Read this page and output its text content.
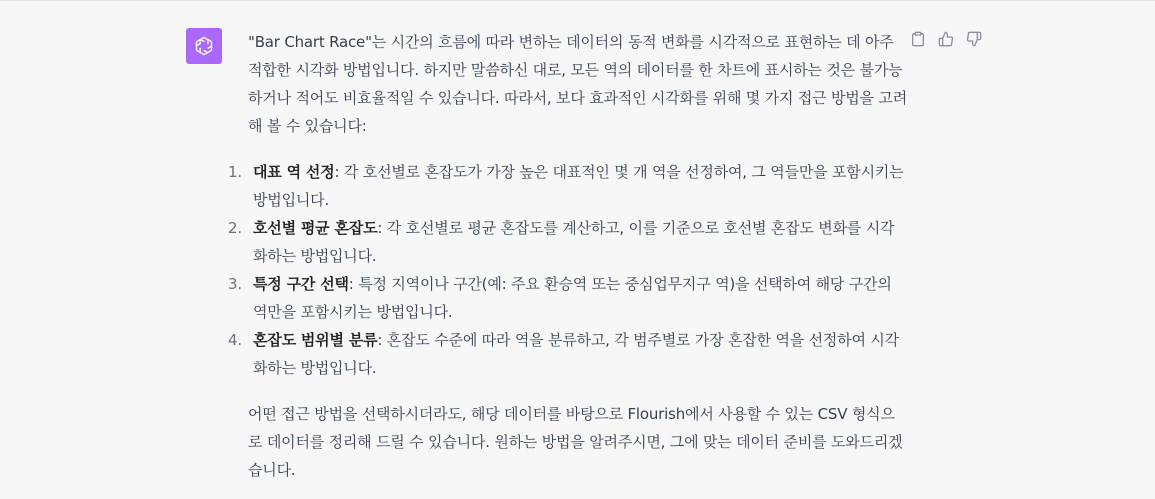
"Bar Chart Race"는 시간의 흐름에 따라 변하는 데이터의 동적 변화를 시각적으로 표현하는 데 아주 적합한 시각화 방법입니다. 하지만 말씀하신 대로, 모든 역의 데이터를 한 차트에 표시하는 것은 불가능하거나 적어도 비효율적일 수 있습니다. 따라서, 보다 효과적인 시각화를 위해 몇 가지 접근 방법을 고려해 볼 수 있습니다:

1. 대표 역 선정: 각 호선별로 혼잡도가 가장 높은 대표적인 몇 개 역을 선정하여, 그 역들만을 포함시키는 방법입니다.
2. 호선별 평균 혼잡도: 각 호선별로 평균 혼잡도를 계산하고, 이를 기준으로 호선별 혼잡도 변화를 시각화하는 방법입니다.
3. 특정 구간 선택: 특정 지역이나 구간(예: 주요 환승역 또는 중심업무지구 역)을 선택하여 해당 구간의 역만을 포함시키는 방법입니다.
4. 혼잡도 범위별 분류: 혼잡도 수준에 따라 역을 분류하고, 각 범주별로 가장 혼잡한 역을 선정하여 시각화하는 방법입니다.

어떤 접근 방법을 선택하시더라도, 해당 데이터를 바탕으로 Flourish에서 사용할 수 있는 CSV 형식으로 데이터를 정리해 드릴 수 있습니다. 원하는 방법을 알려주시면, 그에 맞는 데이터 준비를 도와드리겠습니다.
